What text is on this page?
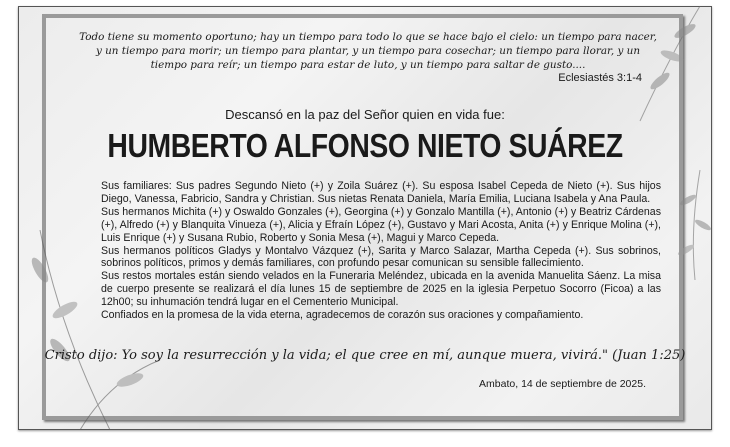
Todo tiene su momento oportuno; hay un tiempo para todo lo que se hace bajo el cielo: un tiempo para nacer, y un tiempo para morir; un tiempo para plantar, y un tiempo para cosechar; un tiempo para llorar, y un tiempo para reír; un tiempo para estar de luto, y un tiempo para saltar de gusto....
Eclesiastés 3:1-4
Descansó en la paz del Señor quien en vida fue:
HUMBERTO ALFONSO NIETO SUÁREZ

Sus familiares: Sus padres Segundo Nieto (+) y Zoila Suárez (+). Su esposa Isabel Cepeda de Nieto (+). Sus hijos Diego, Vanessa, Fabricio, Sandra y Christian. Sus nietas Renata Daniela, María Emilia, Luciana Isabela y Ana Paula.

Sus hermanos Michita (+) y Oswaldo Gonzales (+), Georgina (+) y Gonzalo Mantilla (+), Antonio (+) y Beatriz Cárdenas (+), Alfredo (+) y Blanquita Vinueza (+), Alicia y Efraín López (+), Gustavo y Mari Acosta, Anita (+) y Enrique Molina (+), Luis Enrique (+) y Susana Rubio, Roberto y Sonia Mesa (+), Magui y Marco Cepeda.

Sus hermanos políticos Gladys y Montalvo Vázquez (+), Sarita y Marco Salazar, Martha Cepeda (+). Sus sobrinos, sobrinos políticos, primos y demás familiares, con profundo pesar comunican su sensible fallecimiento.

Sus restos mortales están siendo velados en la Funeraria Meléndez, ubicada en la avenida Manuelita Sáenz. La misa de cuerpo presente se realizará el día lunes 15 de septiembre de 2025 en la iglesia Perpetuo Socorro (Ficoa) a las 12h00; su inhumación tendrá lugar en el Cementerio Municipal.

Confiados en la promesa de la vida eterna, agradecemos de corazón sus oraciones y compañamiento.

Cristo dijo: Yo soy la resurrección y la vida; el que cree en mí, aunque muera, vivirá." (Juan 1:25)
Ambato, 14 de septiembre de 2025.
